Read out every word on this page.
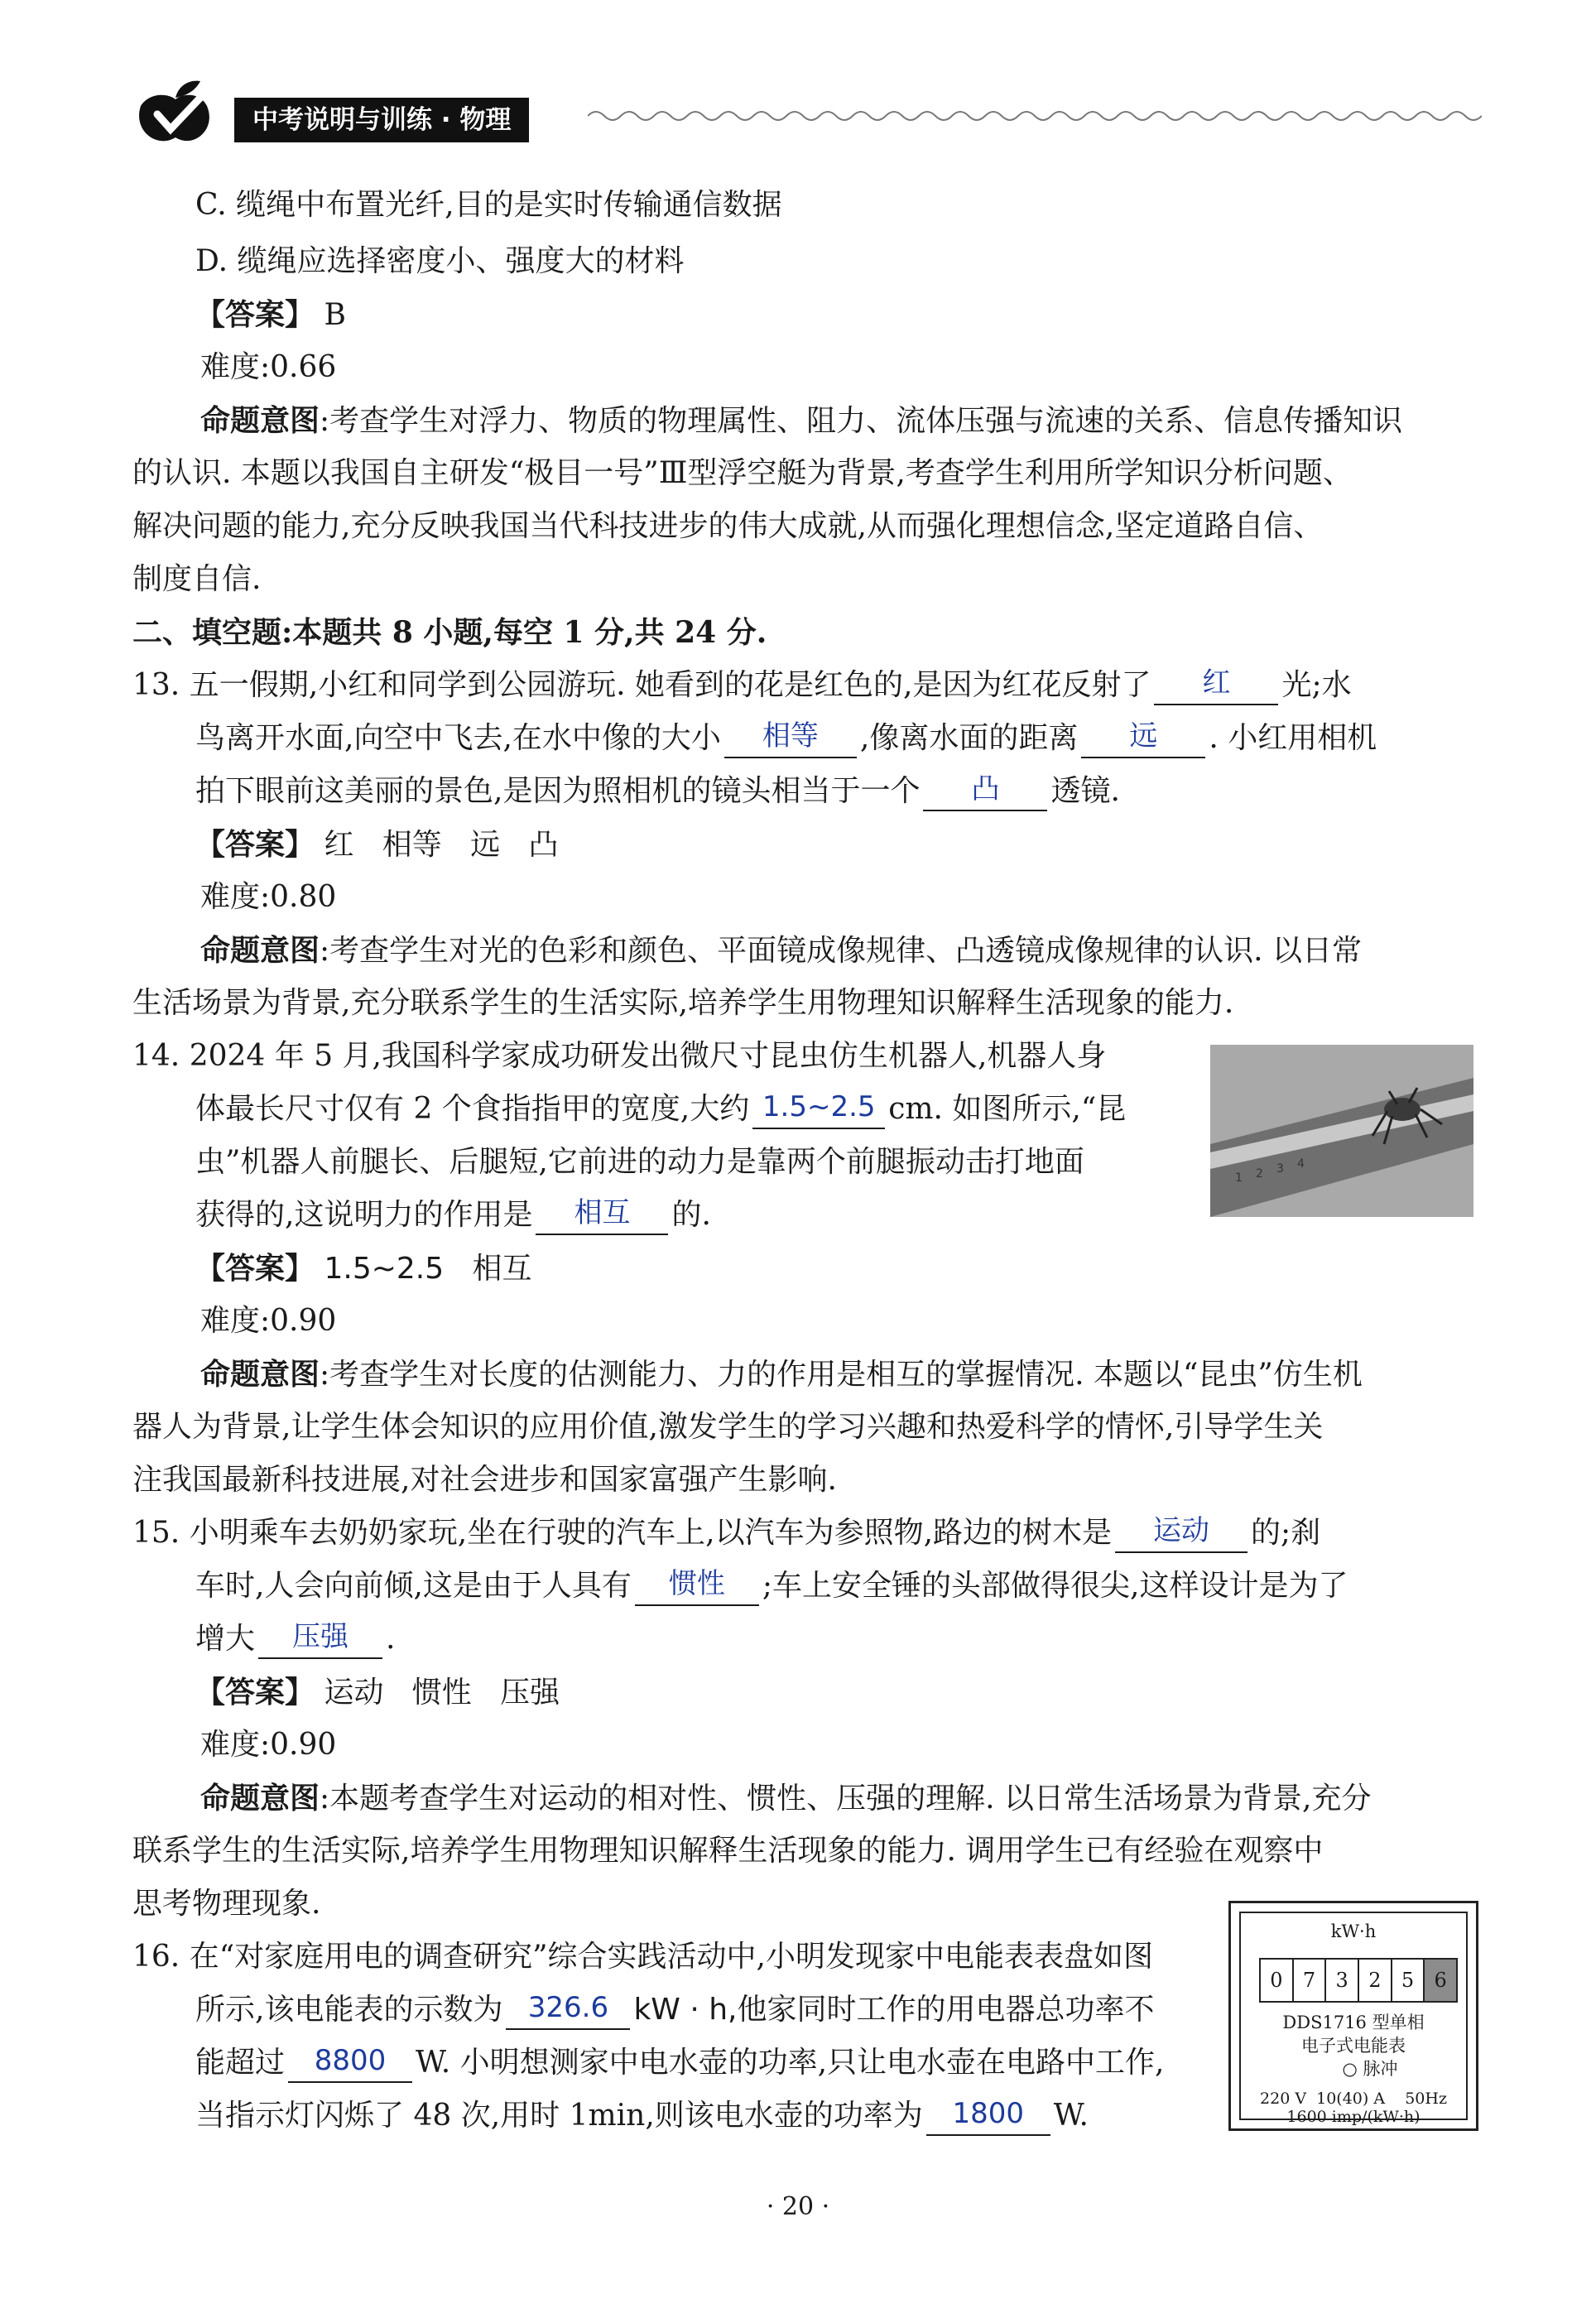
中考说明与训练 · 物理
C. 缆绳中布置光纤,目的是实时传输通信数据
D. 缆绳应选择密度小、强度大的材料
【答案】 B
难度:0.66
命题意图:考查学生对浮力、物质的物理属性、阻力、流体压强与流速的关系、信息传播知识
的认识. 本题以我国自主研发“极目一号”Ⅲ型浮空艇为背景,考查学生利用所学知识分析问题、
解决问题的能力,充分反映我国当代科技进步的伟大成就,从而强化理想信念,坚定道路自信、
制度自信.
二、填空题:本题共 8 小题,每空 1 分,共 24 分.
13. 五一假期,小红和同学到公园游玩. 她看到的花是红色的,是因为红花反射了	红	光;水
鸟离开水面,向空中飞去,在水中像的大小	相等	,像离水面的距离	远	. 小红用相机
拍下眼前这美丽的景色,是因为照相机的镜头相当于一个	凸	透镜.
【答案】 红   相等   远   凸
难度:0.80
命题意图:考查学生对光的色彩和颜色、平面镜成像规律、凸透镜成像规律的认识. 以日常
生活场景为背景,充分联系学生的生活实际,培养学生用物理知识解释生活现象的能力.
14. 2024 年 5 月,我国科学家成功研发出微尺寸昆虫仿生机器人,机器人身
体最长尺寸仅有 2 个食指指甲的宽度,大约 1.5~2.5 cm. 如图所示,“昆
虫”机器人前腿长、后腿短,它前进的动力是靠两个前腿振动击打地面
获得的,这说明力的作用是	相互	的.
1 2 3 4
【答案】 1.5~2.5   相互
难度:0.90
命题意图:考查学生对长度的估测能力、力的作用是相互的掌握情况. 本题以“昆虫”仿生机
器人为背景,让学生体会知识的应用价值,激发学生的学习兴趣和热爱科学的情怀,引导学生关
注我国最新科技进展,对社会进步和国家富强产生影响.
15. 小明乘车去奶奶家玩,坐在行驶的汽车上,以汽车为参照物,路边的树木是	运动	的;刹
车时,人会向前倾,这是由于人具有	惯性	;车上安全锤的头部做得很尖,这样设计是为了
增大	压强	.
【答案】 运动   惯性   压强
难度:0.90
命题意图:本题考查学生对运动的相对性、惯性、压强的理解. 以日常生活场景为背景,充分
联系学生的生活实际,培养学生用物理知识解释生活现象的能力. 调用学生已有经验在观察中
思考物理现象.
16. 在“对家庭用电的调查研究”综合实践活动中,小明发现家中电能表表盘如图
所示,该电能表的示数为 326.6 kW · h,他家同时工作的用电器总功率不
能超过	8800 W. 小明想测家中电水壶的功率,只让电水壶在电路中工作,
当指示灯闪烁了 48 次,用时 1min,则该电水壶的功率为	1800 W.
kW·h
0	7	3	2	5	6
DDS1716 型单相
电子式电能表
○ 脉冲
220 V  10(40) A    50Hz
1600 imp/(kW·h)
· 20 ·
